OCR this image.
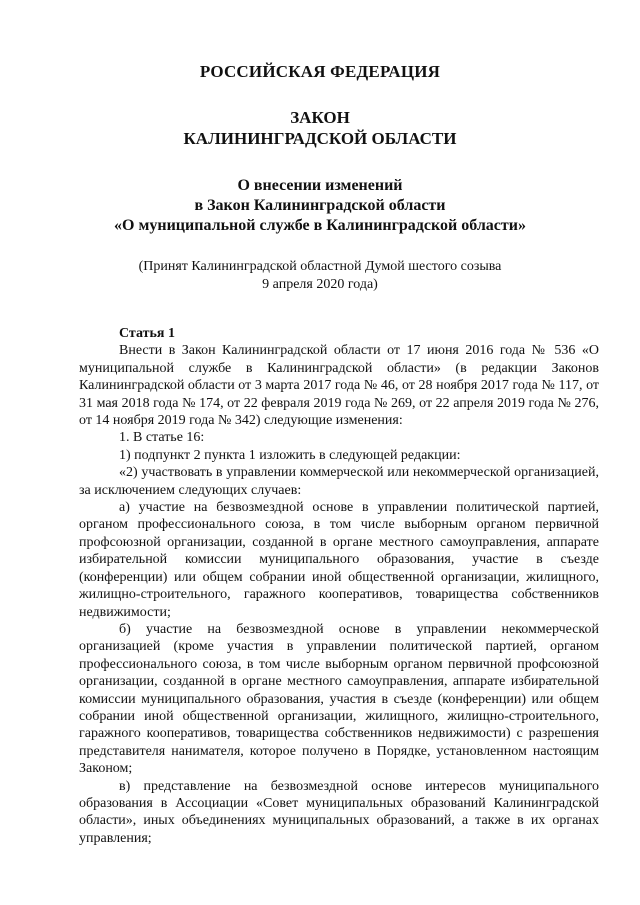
РОССИЙСКАЯ ФЕДЕРАЦИЯ
ЗАКОН
КАЛИНИНГРАДСКОЙ ОБЛАСТИ
О внесении изменений
в Закон Калининградской области
«О муниципальной службе в Калининградской области»
(Принят Калининградской областной Думой шестого созыва
9 апреля 2020 года)
Статья 1

Внести в Закон Калининградской области от 17 июня 2016 года № 536 «О муниципальной службе в Калининградской области» (в редакции Законов Калининградской области от 3 марта 2017 года № 46, от 28 ноября 2017 года № 117, от 31 мая 2018 года № 174, от 22 февраля 2019 года № 269, от 22 апреля 2019 года № 276, от 14 ноября 2019 года № 342) следующие изменения:

1. В статье 16:

1) подпункт 2 пункта 1 изложить в следующей редакции:

«2) участвовать в управлении коммерческой или некоммерческой организацией, за исключением следующих случаев:

а) участие на безвозмездной основе в управлении политической партией, органом профессионального союза, в том числе выборным органом первичной профсоюзной организации, созданной в органе местного самоуправления, аппарате избирательной комиссии муниципального образования, участие в съезде (конференции) или общем собрании иной общественной организации, жилищного, жилищно-строительного, гаражного кооперативов, товарищества собственников недвижимости;

б) участие на безвозмездной основе в управлении некоммерческой организацией (кроме участия в управлении политической партией, органом профессионального союза, в том числе выборным органом первичной профсоюзной организации, созданной в органе местного самоуправления, аппарате избирательной комиссии муниципального образования, участия в съезде (конференции) или общем собрании иной общественной организации, жилищного, жилищно-строительного, гаражного кооперативов, товарищества собственников недвижимости) с разрешения представителя нанимателя, которое получено в Порядке, установленном настоящим Законом;

в) представление на безвозмездной основе интересов муниципального образования в Ассоциации «Совет муниципальных образований Калининградской области», иных объединениях муниципальных образований, а также в их органах управления;
